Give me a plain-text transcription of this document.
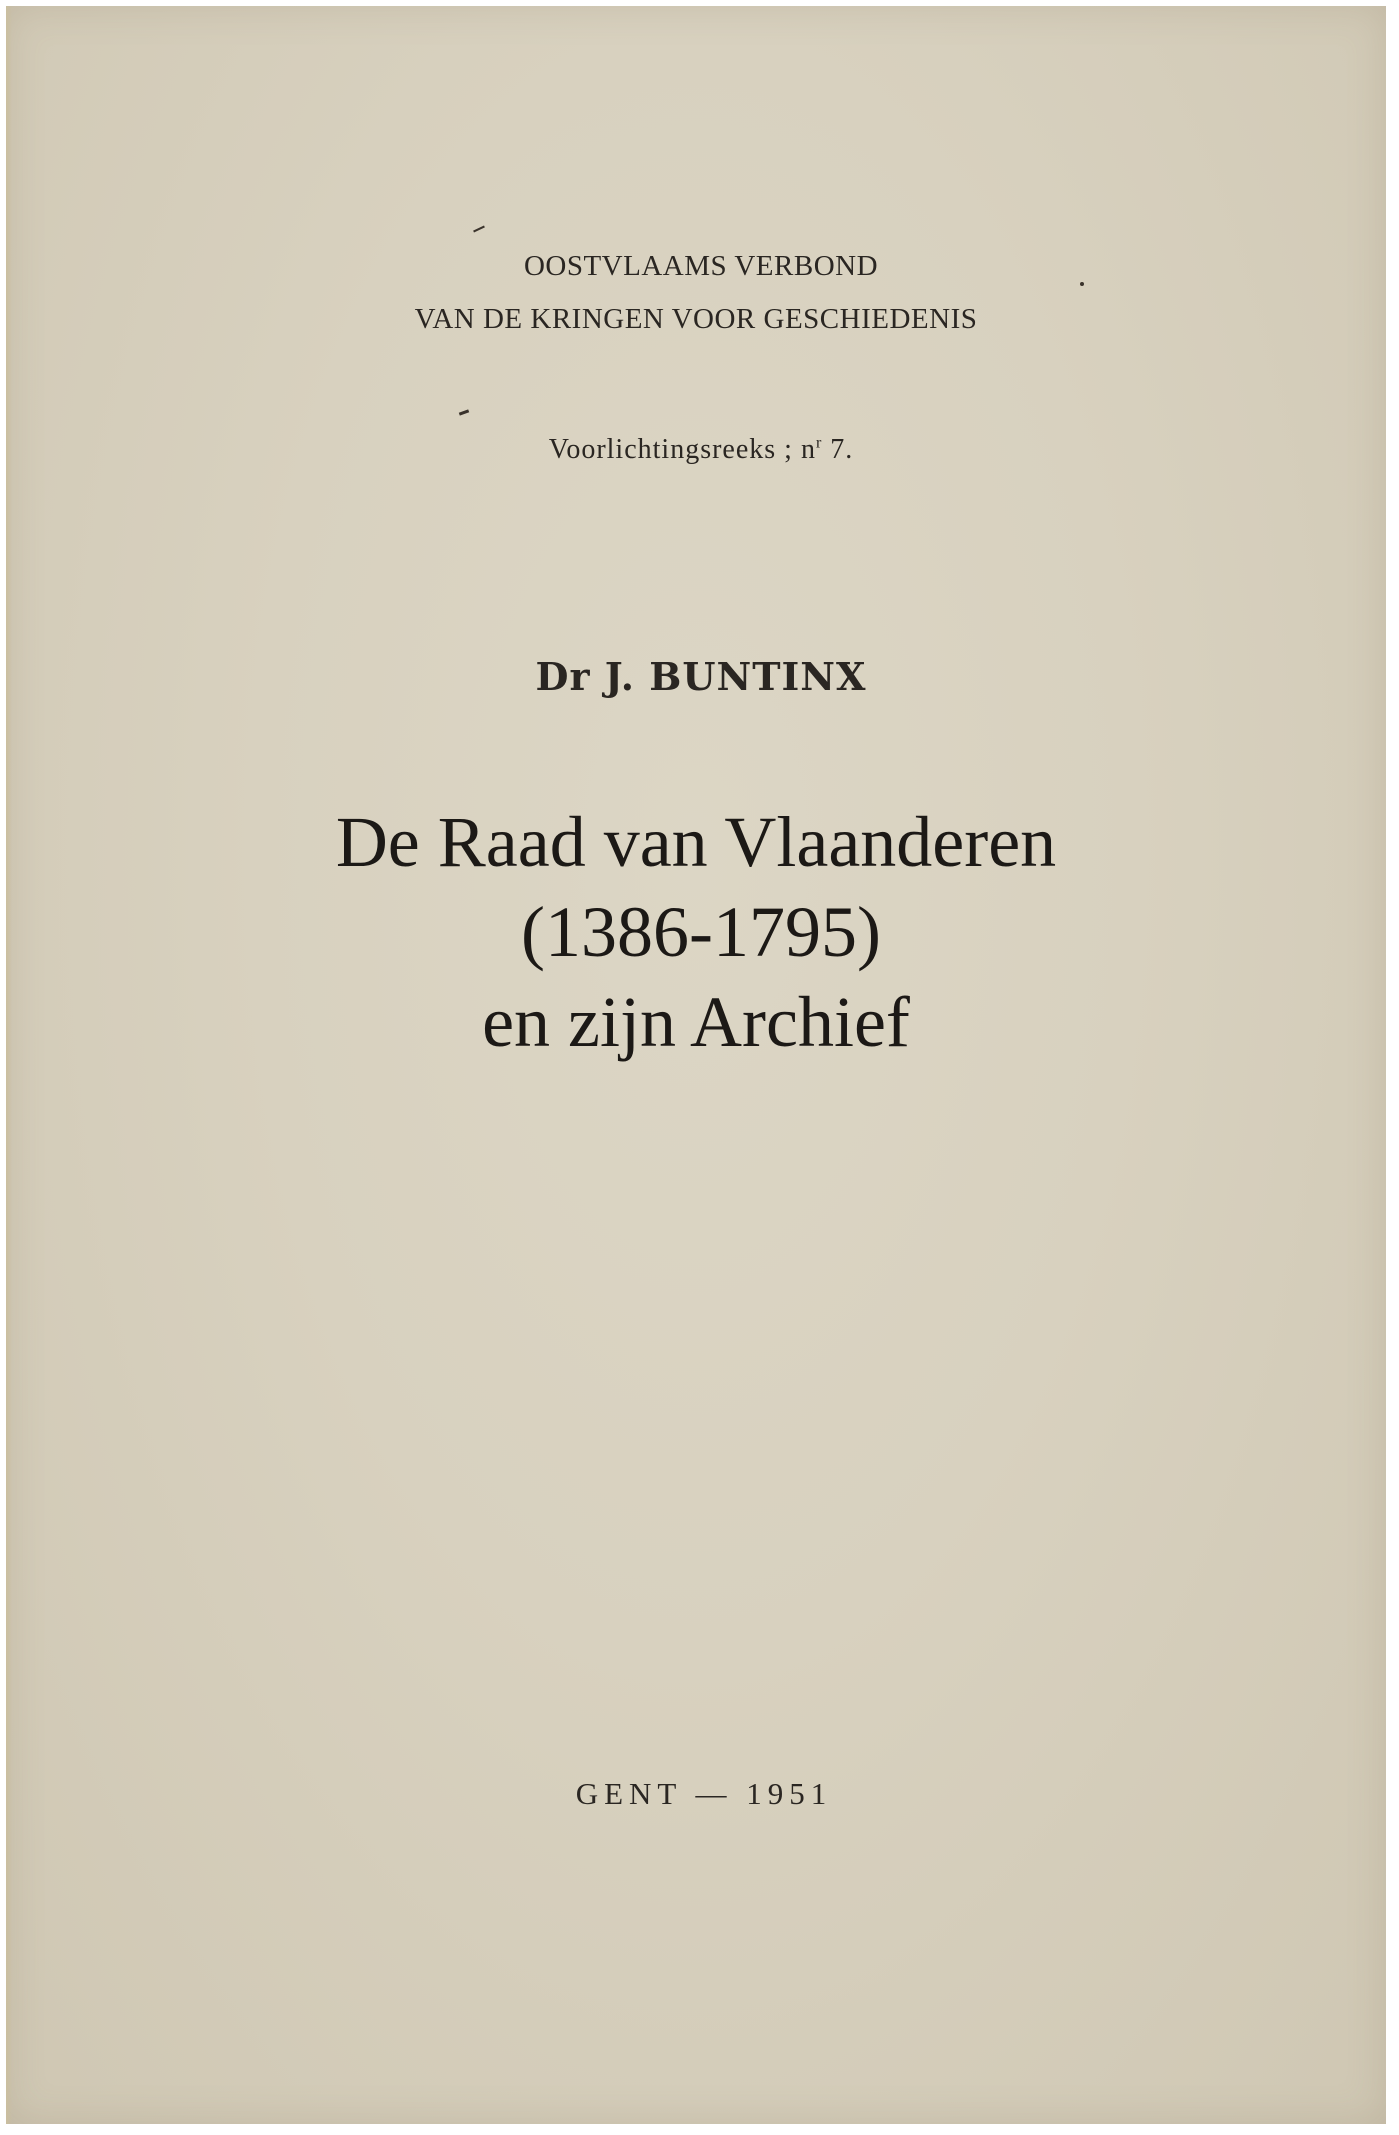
OOSTVLAAMS VERBOND
VAN DE KRINGEN VOOR GESCHIEDENIS
Voorlichtingsreeks ; $n^r$ 7.
Dr J. BUNTINX
De Raad van Vlaanderen
(1386-1795)
en zijn Archief
GENT — 1951
